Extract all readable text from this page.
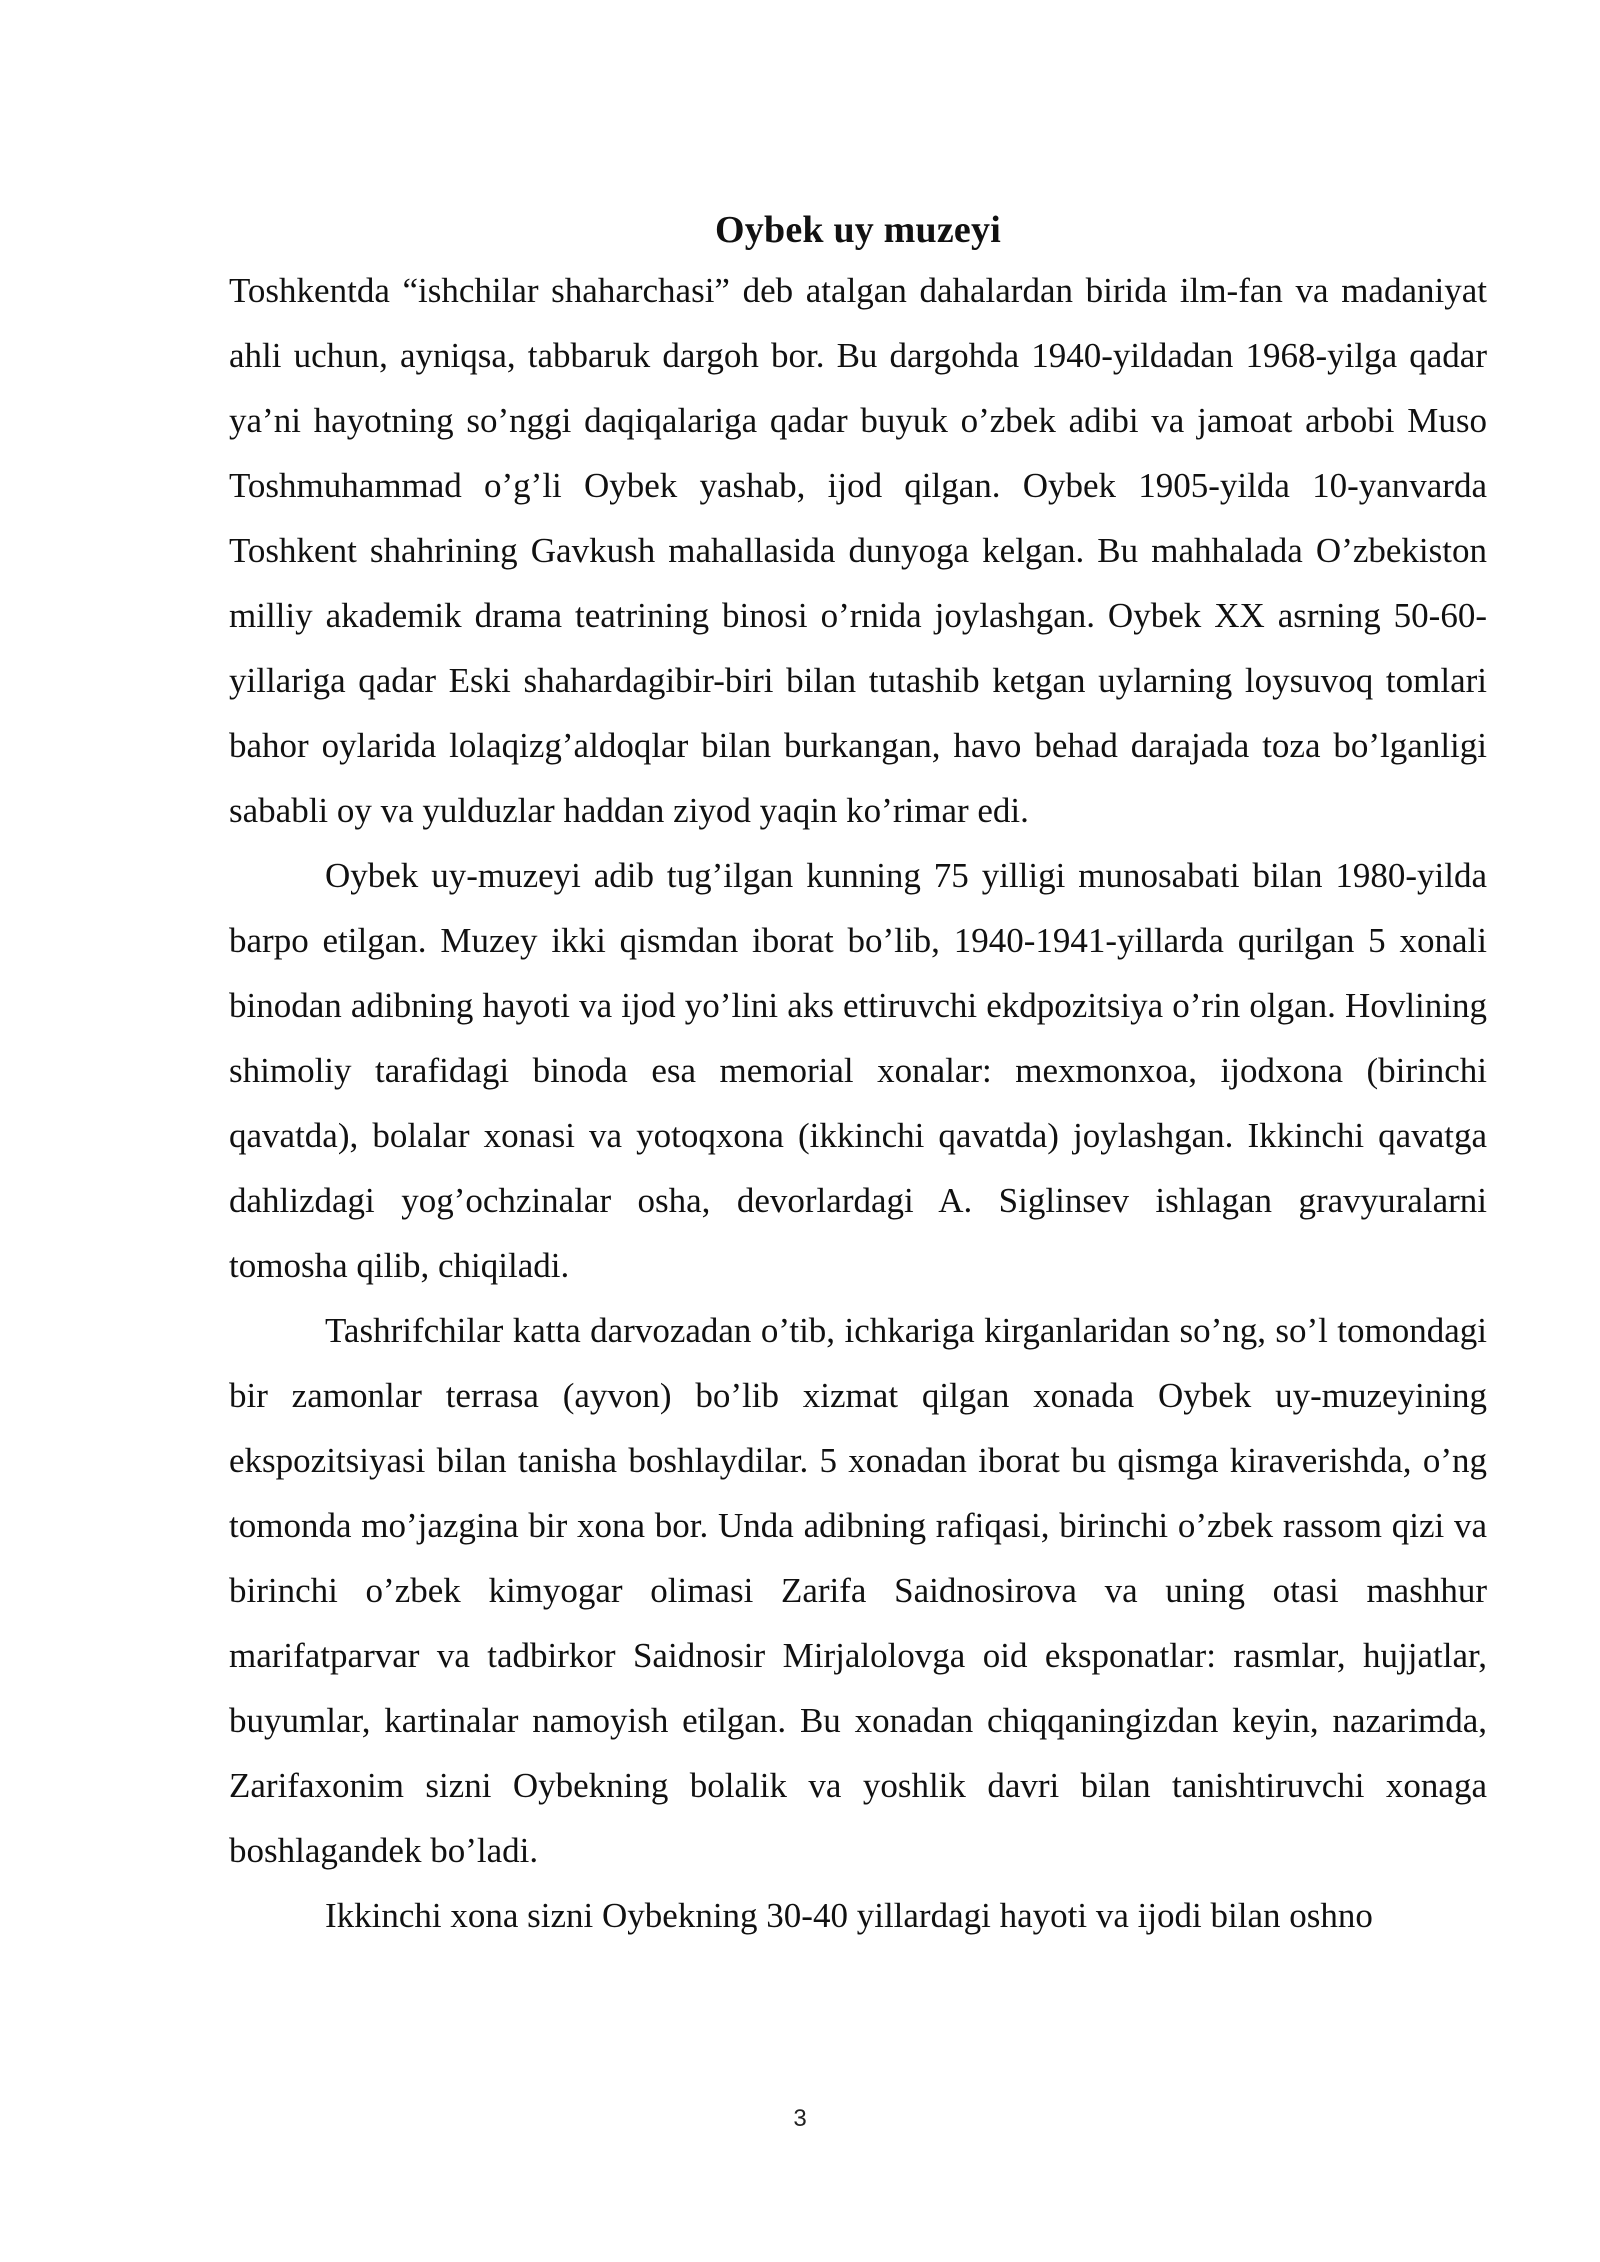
Oybek uy muzeyi

Toshkentda “ishchilar shaharchasi” deb atalgan dahalardan birida ilm-fan va madaniyat ahli uchun, ayniqsa, tabbaruk dargoh bor. Bu dargohda 1940-yildadan 1968-yilga qadar ya’ni hayotning so’nggi daqiqalariga qadar buyuk o’zbek adibi va jamoat arbobi Muso Toshmuhammad o’g’li Oybek yashab, ijod qilgan. Oybek 1905-yilda 10-yanvarda Toshkent shahrining Gavkush mahallasida dunyoga kelgan. Bu mahhalada O’zbekiston milliy akademik drama teatrining binosi o’rnida joylashgan. Oybek XX asrning 50-60- yillariga qadar Eski shahardagibir-biri bilan tutashib ketgan uylarning loysuvoq tomlari bahor oylarida lolaqizg’aldoqlar bilan burkangan, havo behad darajada toza bo’lganligi sababli oy va yulduzlar haddan ziyod yaqin ko’rimar edi.

Oybek uy-muzeyi adib tug’ilgan kunning 75 yilligi munosabati bilan 1980-yilda barpo etilgan. Muzey ikki qismdan iborat bo’lib, 1940-1941-yillarda qurilgan 5 xonali binodan adibning hayoti va ijod yo’lini aks ettiruvchi ekdpozitsiya o’rin olgan. Hovlining shimoliy tarafidagi binoda esa memorial xonalar: mexmonxoa, ijodxona (birinchi qavatda), bolalar xonasi va yotoqxona (ikkinchi qavatda) joylashgan. Ikkinchi qavatga dahlizdagi yog’ochzinalar osha, devorlardagi A. Siglinsev ishlagan gravyuralarni tomosha qilib, chiqiladi.

Tashrifchilar katta darvozadan o’tib, ichkariga kirganlaridan so’ng, so’l tomondagi bir zamonlar terrasa (ayvon) bo’lib xizmat qilgan xonada Oybek uy-muzeyining ekspozitsiyasi bilan tanisha boshlaydilar. 5 xonadan iborat bu qismga kiraverishda, o’ng tomonda mo’jazgina bir xona bor. Unda adibning rafiqasi, birinchi o’zbek rassom qizi va birinchi o’zbek kimyogar olimasi Zarifa Saidnosirova va uning otasi mashhur marifatparvar va tadbirkor Saidnosir Mirjalolovga oid eksponatlar: rasmlar, hujjatlar, buyumlar, kartinalar namoyish etilgan. Bu xonadan chiqqaningizdan keyin, nazarimda, Zarifaxonim sizni Oybekning bolalik va yoshlik davri bilan tanishtiruvchi xonaga boshlagandek bo’ladi.

Ikkinchi xona sizni Oybekning 30-40 yillardagi hayoti va ijodi bilan oshno

3
